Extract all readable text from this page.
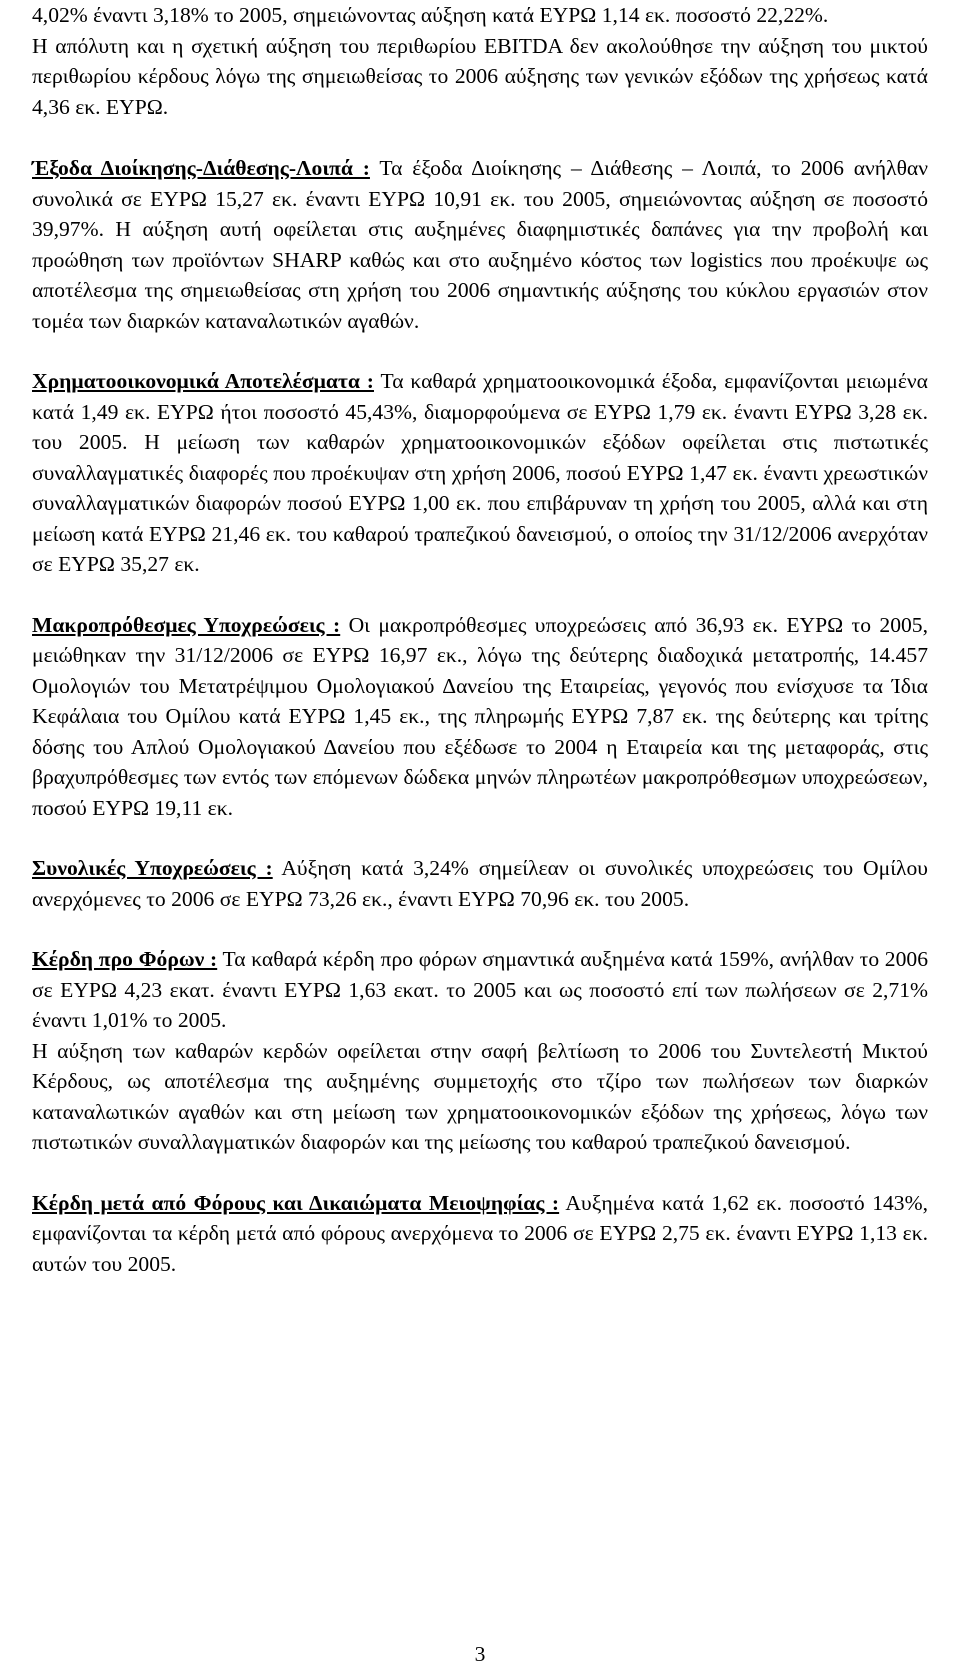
4,02% έναντι 3,18% το 2005, σημειώνοντας αύξηση κατά ΕΥΡΩ 1,14 εκ. ποσοστό 22,22%.

Η απόλυτη και η σχετική αύξηση του περιθωρίου EBITDA δεν ακολούθησε την αύξηση του μικτού περιθωρίου κέρδους λόγω της σημειωθείσας το 2006 αύξησης των γενικών εξόδων της χρήσεως κατά 4,36 εκ. ΕΥΡΩ.

Έξοδα Διοίκησης-Διάθεσης-Λοιπά : Τα έξοδα Διοίκησης – Διάθεσης – Λοιπά, το 2006 ανήλθαν συνολικά σε ΕΥΡΩ 15,27 εκ. έναντι ΕΥΡΩ 10,91 εκ. του 2005, σημειώνοντας αύξηση σε ποσοστό 39,97%. Η αύξηση αυτή οφείλεται στις αυξημένες διαφημιστικές δαπάνες για την προβολή και προώθηση των προϊόντων SHARP καθώς και στο αυξημένο κόστος των logistics που προέκυψε ως αποτέλεσμα της σημειωθείσας στη χρήση του 2006 σημαντικής αύξησης του κύκλου εργασιών στον τομέα των διαρκών καταναλωτικών αγαθών.

Χρηματοοικονομικά Αποτελέσματα : Τα καθαρά χρηματοοικονομικά έξοδα, εμφανίζονται μειωμένα κατά 1,49 εκ. ΕΥΡΩ ήτοι ποσοστό 45,43%, διαμορφούμενα σε ΕΥΡΩ 1,79 εκ. έναντι ΕΥΡΩ 3,28 εκ. του 2005. Η μείωση των καθαρών χρηματοοικονομικών εξόδων οφείλεται στις πιστωτικές συναλλαγματικές διαφορές που προέκυψαν στη χρήση 2006, ποσού ΕΥΡΩ 1,47 εκ. έναντι χρεωστικών συναλλαγματικών διαφορών ποσού ΕΥΡΩ 1,00 εκ. που επιβάρυναν τη χρήση του 2005, αλλά και στη μείωση κατά ΕΥΡΩ 21,46 εκ. του καθαρού τραπεζικού δανεισμού, ο οποίος την 31/12/2006 ανερχόταν σε ΕΥΡΩ 35,27 εκ.

Μακροπρόθεσμες Υποχρεώσεις : Οι μακροπρόθεσμες υποχρεώσεις από 36,93 εκ. ΕΥΡΩ το 2005, μειώθηκαν την 31/12/2006 σε ΕΥΡΩ 16,97 εκ., λόγω της δεύτερης διαδοχικά μετατροπής, 14.457 Ομολογιών του Μετατρέψιμου Ομολογιακού Δανείου της Εταιρείας, γεγονός που ενίσχυσε τα Ίδια Κεφάλαια του Ομίλου κατά ΕΥΡΩ 1,45 εκ., της πληρωμής ΕΥΡΩ 7,87 εκ. της δεύτερης και τρίτης δόσης του Απλού Ομολογιακού Δανείου που εξέδωσε το 2004 η Εταιρεία και της μεταφοράς, στις βραχυπρόθεσμες των εντός των επόμενων δώδεκα μηνών πληρωτέων μακροπρόθεσμων υποχρεώσεων, ποσού ΕΥΡΩ 19,11 εκ.

Συνολικές Υποχρεώσεις : Αύξηση κατά 3,24% σημείλεαν οι συνολικές υποχρεώσεις του Ομίλου ανερχόμενες το 2006 σε ΕΥΡΩ 73,26 εκ., έναντι ΕΥΡΩ 70,96 εκ. του 2005.

Κέρδη προ Φόρων : Τα καθαρά κέρδη προ φόρων σημαντικά αυξημένα κατά 159%, ανήλθαν το 2006 σε ΕΥΡΩ 4,23 εκατ. έναντι ΕΥΡΩ 1,63 εκατ. το 2005 και ως ποσοστό επί των πωλήσεων σε 2,71% έναντι 1,01% το 2005.

Η αύξηση των καθαρών κερδών οφείλεται στην σαφή βελτίωση το 2006 του Συντελεστή Μικτού Κέρδους, ως αποτέλεσμα της αυξημένης συμμετοχής στο τζίρο των πωλήσεων των διαρκών καταναλωτικών αγαθών και στη μείωση των χρηματοοικονομικών εξόδων της χρήσεως, λόγω των πιστωτικών συναλλαγματικών διαφορών και της μείωσης του καθαρού τραπεζικού δανεισμού.

Κέρδη μετά από Φόρους και Δικαιώματα Μειοψηφίας : Αυξημένα κατά 1,62 εκ. ποσοστό 143%, εμφανίζονται τα κέρδη μετά από φόρους ανερχόμενα το 2006 σε ΕΥΡΩ 2,75 εκ. έναντι ΕΥΡΩ 1,13 εκ. αυτών του 2005.

3
